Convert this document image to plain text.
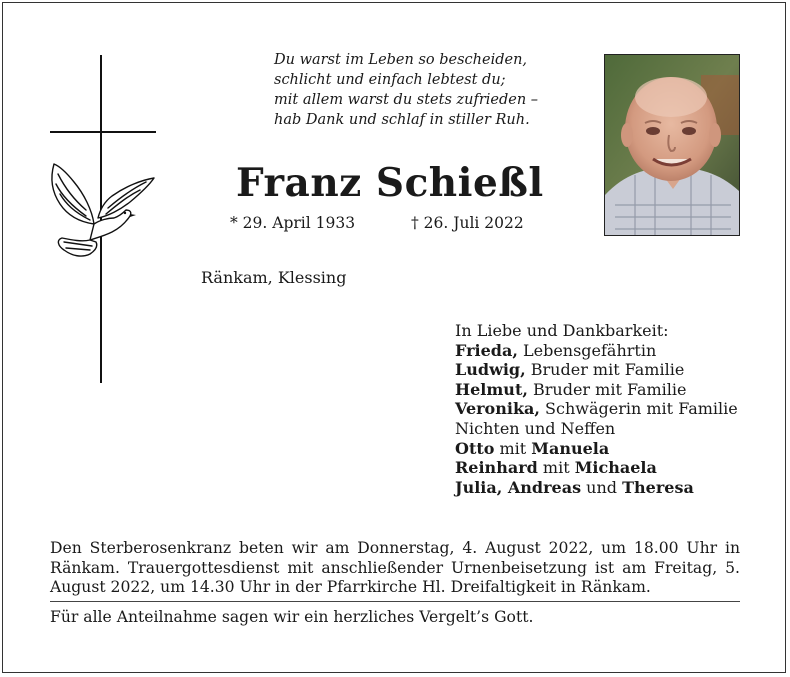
Du warst im Leben so bescheiden,
schlicht und einfach lebtest du;
mit allem warst du stets zufrieden –
hab Dank und schlaf in stiller Ruh.
Franz Schießl
* 29. April 1933	† 26. Juli 2022
Ränkam, Klessing
In Liebe und Dankbarkeit:
Frieda, Lebensgefährtin
Ludwig, Bruder mit Familie
Helmut, Bruder mit Familie
Veronika, Schwägerin mit Familie
Nichten und Neffen
Otto mit Manuela
Reinhard mit Michaela
Julia, Andreas und Theresa
Den Sterberosenkranz beten wir am Donnerstag, 4. August 2022, um 18.00 Uhr in Ränkam. Trauergottesdienst mit anschließender Urnenbeisetzung ist am Freitag, 5. August 2022, um 14.30 Uhr in der Pfarrkirche Hl. Dreifaltigkeit in Ränkam.
Für alle Anteilnahme sagen wir ein herzliches Vergelt’s Gott.
